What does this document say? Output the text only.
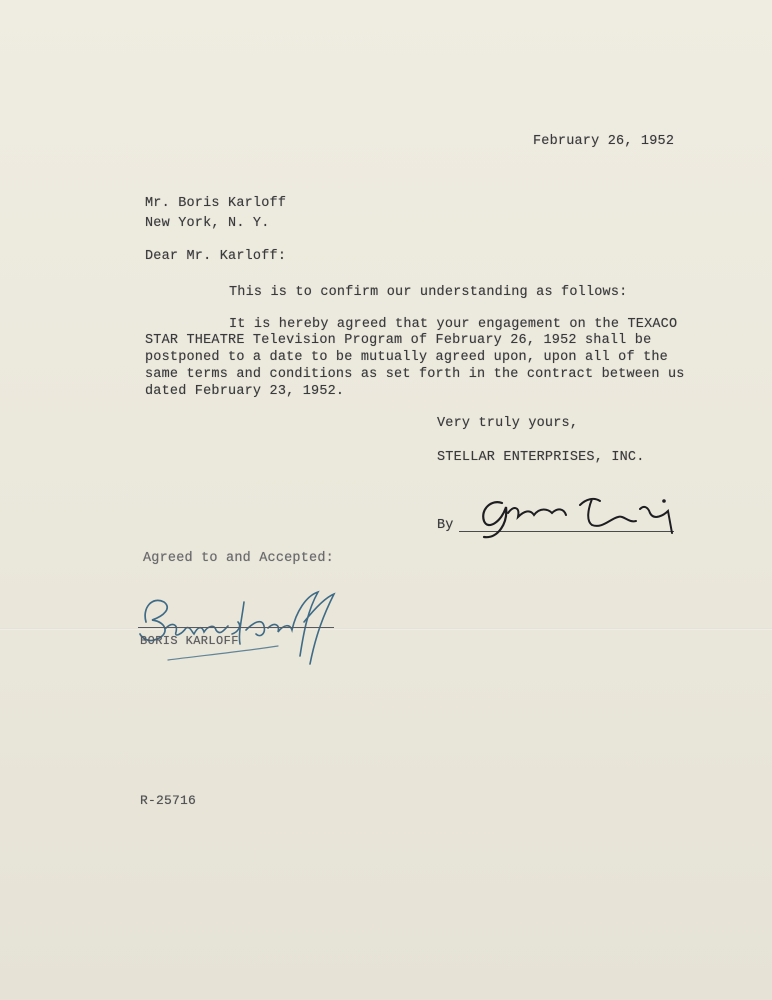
February 26, 1952
Mr. Boris Karloff
New York, N. Y.
Dear Mr. Karloff:
This is to confirm our understanding as follows:
It is hereby agreed that your engagement on the TEXACO
STAR THEATRE Television Program of February 26, 1952 shall be
postponed to a date to be mutually agreed upon, upon all of the
same terms and conditions as set forth in the contract between us
dated February 23, 1952.
Very truly yours,
STELLAR ENTERPRISES, INC.
By
Agreed to and Accepted:
BORIS KARLOFF
R-25716
